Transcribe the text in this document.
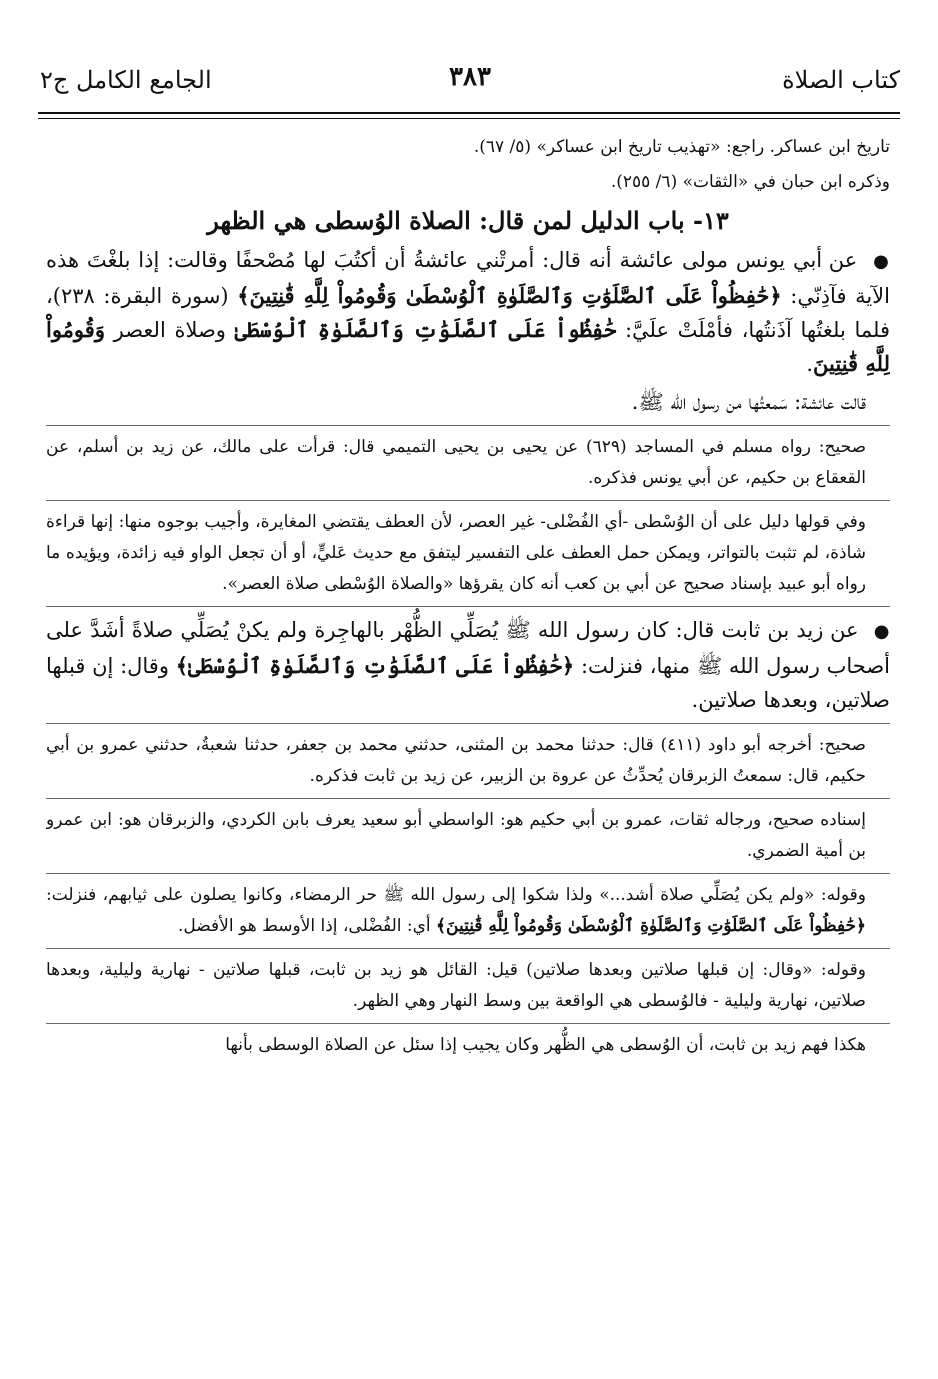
كتاب الصلاة
٣٨٣
الجامع الكامل ج٢

تاريخ ابن عساكر. راجع: «تهذيب تاريخ ابن عساكر» (٥/ ٦٧).

وذكره ابن حبان في «الثقات» (٦/ ٢٥٥).

١٣- باب الدليل لمن قال: الصلاة الوُسطى هي الظهر

● عن أبي يونس مولى عائشة أنه قال: أمرتْني عائشةُ أن أكتُبَ لها مُصْحفًا وقالت: إذا بلغْتَ هذه الآية فآذِنّي: ﴿حَٰفِظُواْ عَلَى ٱلصَّلَوَٰتِ وَٱلصَّلَوٰةِ ٱلْوُسْطَىٰ وَقُومُواْ لِلَّهِ قَٰنِتِينَ﴾ (سورة البقرة: ٢٣٨)، فلما بلغتُها آذَنتُها، فأمْلَتْ علَيَّ: حَٰفِظُواْ عَلَى ٱلصَّلَوَٰتِ وَٱلصَّلَوٰةِ ٱلْوُسْطَىٰ وصلاة العصر وَقُومُواْ لِلَّهِ قَٰنِتِينَ.

قالت عائشة: سَمعتُها من رسول الله ﷺ.

صحيح: رواه مسلم في المساجد (٦٢٩) عن يحيى بن يحيى التميمي قال: قرأت على مالك، عن زيد بن أسلم، عن القعقاع بن حكيم، عن أبي يونس فذكره.

وفي قولها دليل على أن الوُسْطى -أي الفُضْلى- غير العصر، لأن العطف يقتضي المغايرة، وأجيب بوجوه منها: إنها قراءة شاذة، لم تثبت بالتواتر، ويمكن حمل العطف على التفسير ليتفق مع حديث عَليٍّ، أو أن تجعل الواو فيه زائدة، ويؤيده ما رواه أبو عبيد بإسناد صحيح عن أبي بن كعب أنه كان يقرؤها «والصلاة الوُسْطى صلاة العصر».

● عن زيد بن ثابت قال: كان رسول الله ﷺ يُصَلِّي الظُّهْر بالهاجِرة ولم يكنْ يُصَلِّي صلاةً أشَدَّ على أصحاب رسول الله ﷺ منها، فنزلت: ﴿حَٰفِظُواْ عَلَى ٱلصَّلَوَٰتِ وَٱلصَّلَوٰةِ ٱلْوُسْطَىٰ﴾ وقال: إن قبلها صلاتين، وبعدها صلاتين.

صحيح: أخرجه أبو داود (٤١١) قال: حدثنا محمد بن المثنى، حدثني محمد بن جعفر، حدثنا شعبةُ، حدثني عمرو بن أبي حكيم، قال: سمعتُ الزبرقان يُحدِّثُ عن عروة بن الزبير، عن زيد بن ثابت فذكره.

إسناده صحيح، ورجاله ثقات، عمرو بن أبي حكيم هو: الواسطي أبو سعيد يعرف بابن الكردي، والزبرقان هو: ابن عمرو بن أمية الضمري.

وقوله: «ولم يكن يُصَلِّي صلاة أشد...» ولذا شكوا إلى رسول الله ﷺ حر الرمضاء، وكانوا يصلون على ثيابهم، فنزلت: ﴿حَٰفِظُواْ عَلَى ٱلصَّلَوَٰتِ وَٱلصَّلَوٰةِ ٱلْوُسْطَىٰ وَقُومُواْ لِلَّهِ قَٰنِتِينَ﴾ أي: الفُضْلى، إذا الأوسط هو الأفضل.

وقوله: «وقال: إن قبلها صلاتين وبعدها صلاتين) قيل: القائل هو زيد بن ثابت، قبلها صلاتين - نهارية وليلية، وبعدها صلاتين، نهارية وليلية - فالوُسطى هي الواقعة بين وسط النهار وهي الظهر.

هكذا فهم زيد بن ثابت، أن الوُسطى هي الظُّهر وكان يجيب إذا سئل عن الصلاة الوسطى بأنها
